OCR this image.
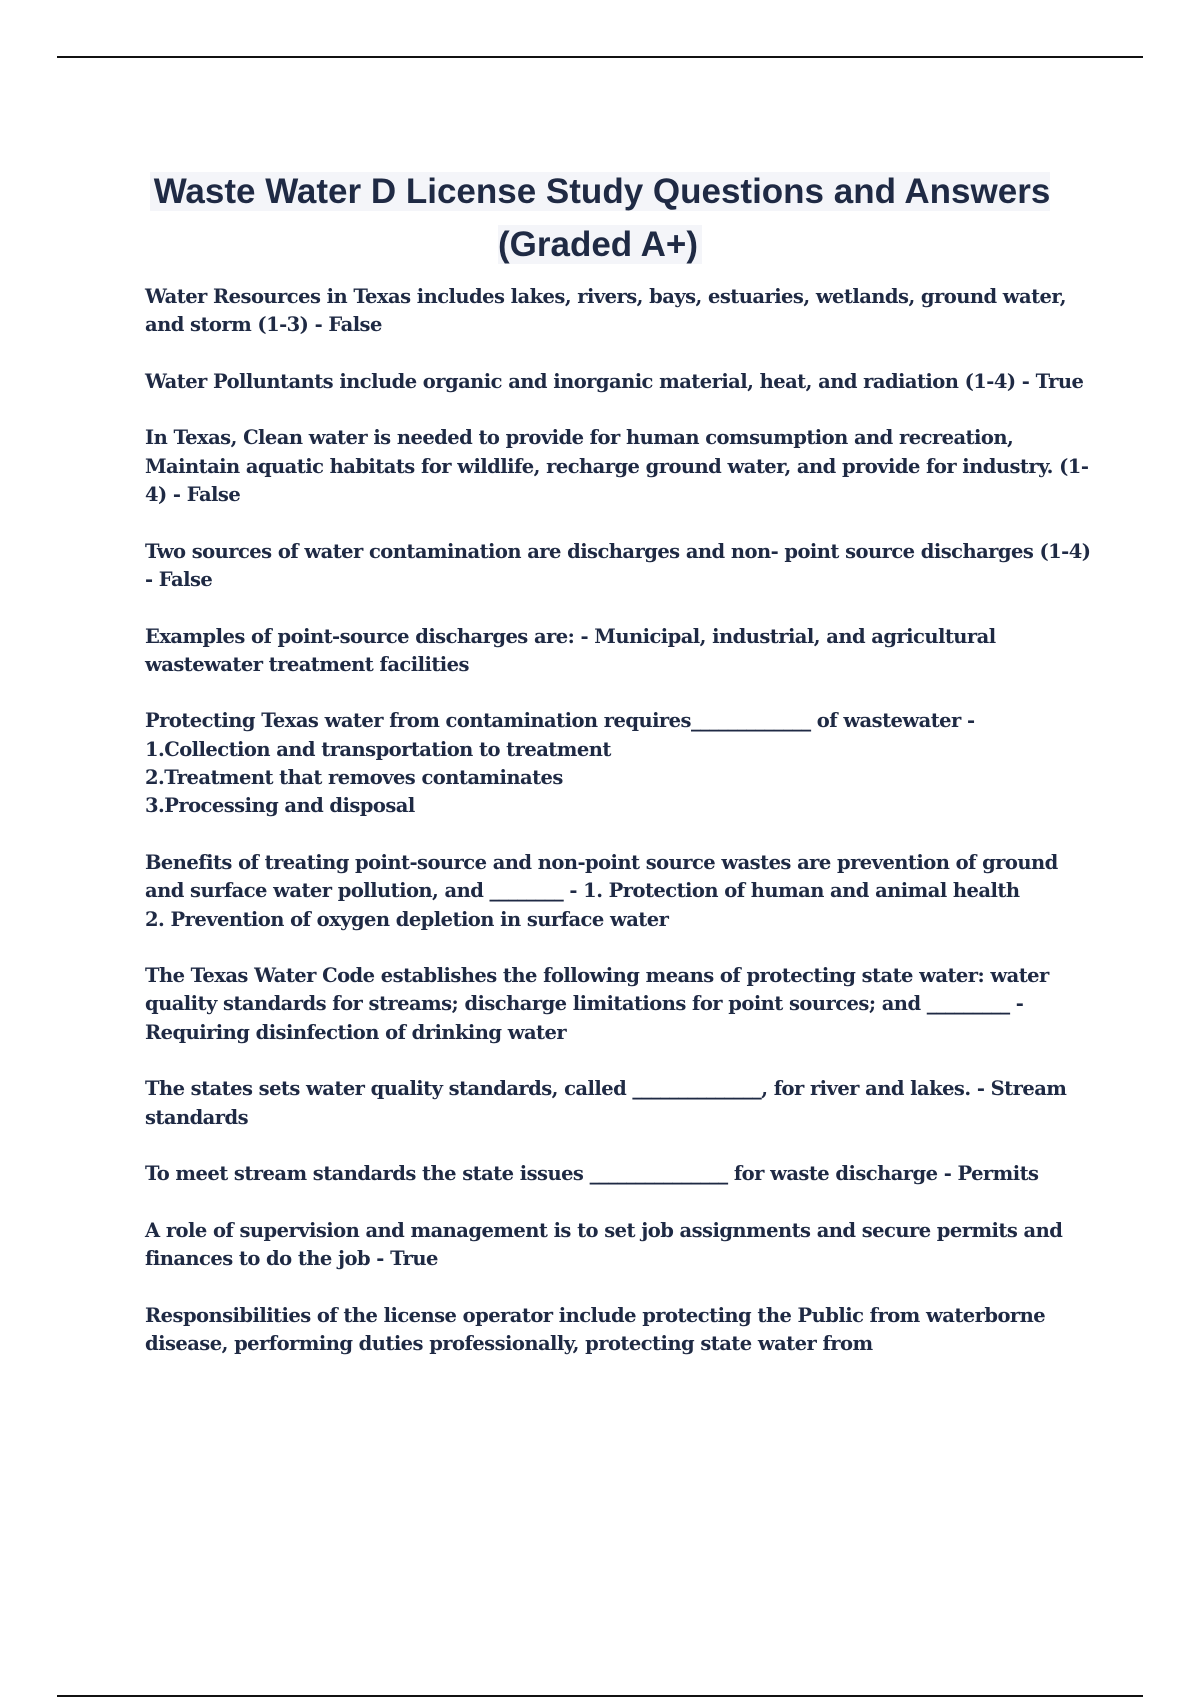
Waste Water D License Study Questions and Answers (Graded A+)

Water Resources in Texas includes lakes, rivers, bays, estuaries, wetlands, ground water, and storm (1-3) - False

Water Polluntants include organic and inorganic material, heat, and radiation (1-4) - True

In Texas, Clean water is needed to provide for human comsumption and recreation, Maintain aquatic habitats for wildlife, recharge ground water, and provide for industry. (1-4) - False

Two sources of water contamination are discharges and non- point source discharges (1-4) - False

Examples of point-source discharges are: - Municipal, industrial, and agricultural wastewater treatment facilities

Protecting Texas water from contamination requires_____________ of wastewater -
1.Collection and transportation to treatment
2.Treatment that removes contaminates
3.Processing and disposal

Benefits of treating point-source and non-point source wastes are prevention of ground and surface water pollution, and ________ - 1. Protection of human and animal health
2. Prevention of oxygen depletion in surface water

The Texas Water Code establishes the following means of protecting state water: water quality standards for streams; discharge limitations for point sources; and _________ - Requiring disinfection of drinking water

The states sets water quality standards, called ______________, for river and lakes. - Stream standards

To meet stream standards the state issues _______________ for waste discharge - Permits

A role of supervision and management is to set job assignments and secure permits and finances to do the job - True

Responsibilities of the license operator include protecting the Public from waterborne disease, performing duties professionally, protecting state water from
